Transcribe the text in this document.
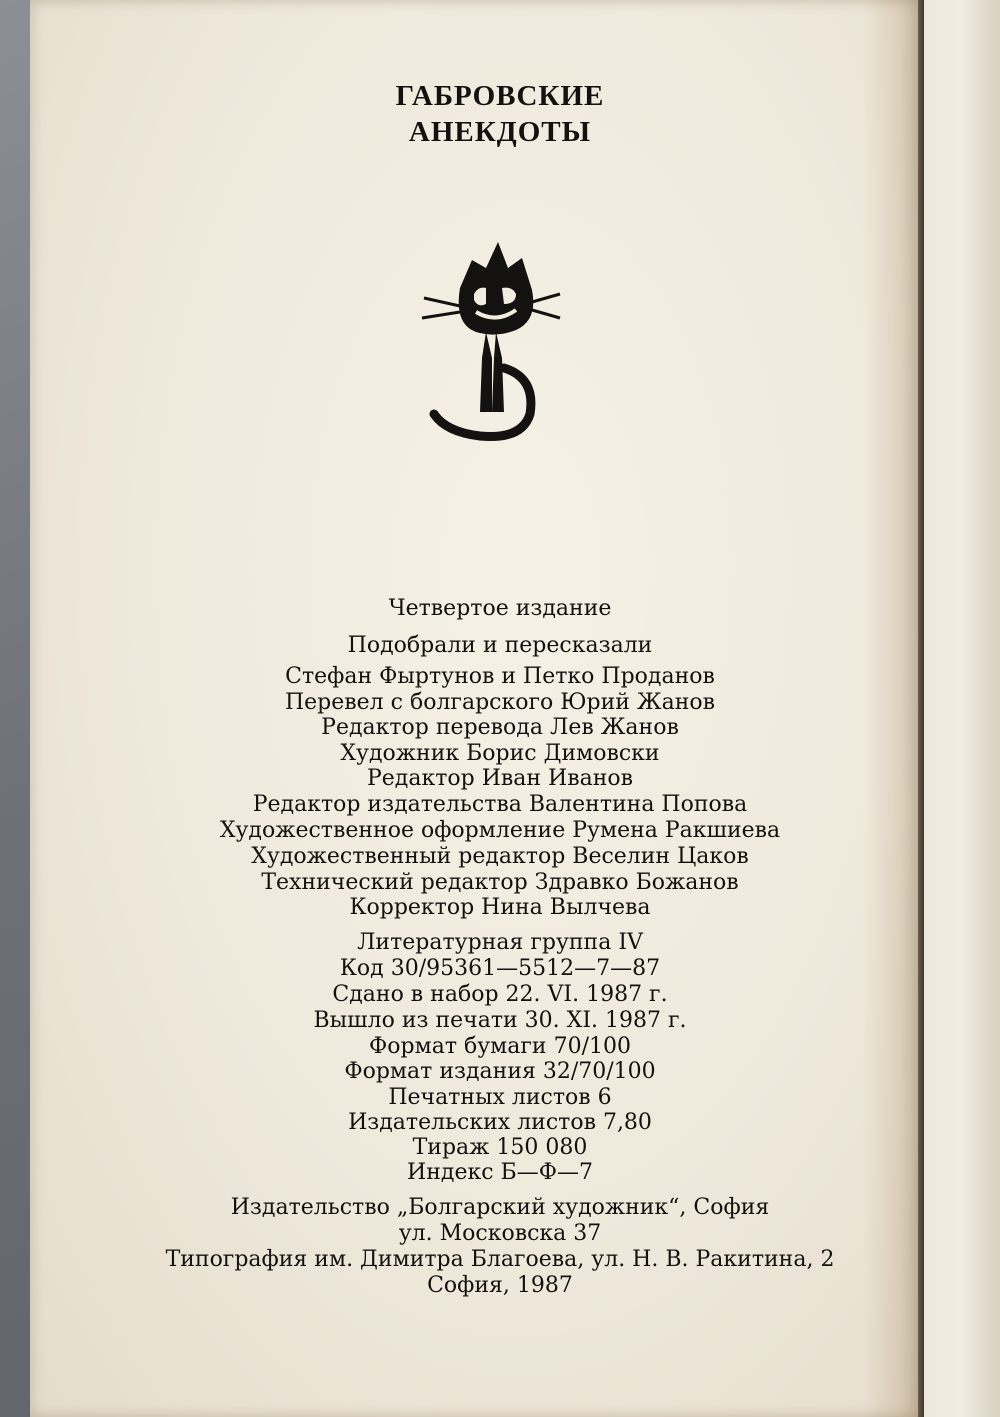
ГАБРОВСКИЕ
АНЕКДОТЫ
Четвертое издание
Подобрали и пересказали
Стефан Фыртунов и Петко Проданов
Перевел с болгарского Юрий Жанов
Редактор перевода Лев Жанов
Художник Борис Димовски
Редактор Иван Иванов
Редактор издательства Валентина Попова
Художественное оформление Румена Ракшиева
Художественный редактор Веселин Цаков
Технический редактор Здравко Божанов
Корректор Нина Вылчева
Литературная группа IV
Код 30/95361—5512—7—87
Сдано в набор 22. VI. 1987 г.
Вышло из печати 30. XI. 1987 г.
Формат бумаги 70/100
Формат издания 32/70/100
Печатных листов 6
Издательских листов 7,80
Тираж 150 080
Индекс Б—Ф—7
Издательство „Болгарский художник“, София
ул. Московска 37
Типография им. Димитра Благоева, ул. Н. В. Ракитина, 2
София, 1987
